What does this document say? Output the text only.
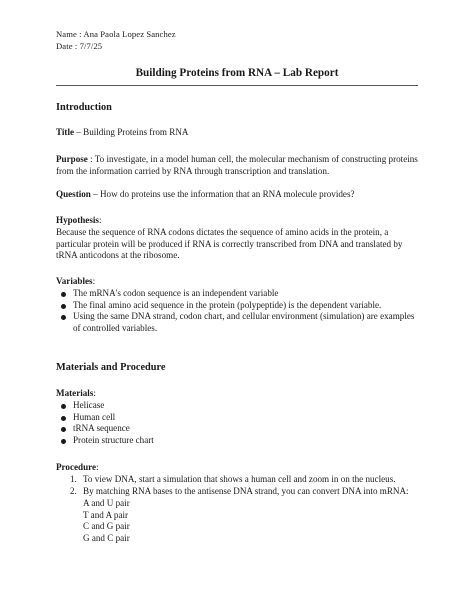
Name : Ana Paola Lopez Sanchez
Date : 7/7/25
Building Proteins from RNA – Lab Report
Introduction
Title – Building Proteins from RNA
Purpose : To investigate, in a model human cell, the molecular mechanism of constructing proteins from the information carried by RNA through transcription and translation.
Question – How do proteins use the information that an RNA molecule provides?
Hypothesis:
Because the sequence of RNA codons dictates the sequence of amino acids in the protein, a particular protein will be produced if RNA is correctly transcribed from DNA and translated by tRNA anticodons at the ribosome.
Variables:
The mRNA's codon sequence is an independent variable
The final amino acid sequence in the protein (polypeptide) is the dependent variable.
Using the same DNA strand, codon chart, and cellular environment (simulation) are examples of controlled variables.
Materials and Procedure
Materials:
Helicase
Human cell
tRNA sequence
Protein structure chart
Procedure:
1. To view DNA, start a simulation that shows a human cell and zoom in on the nucleus.
2. By matching RNA bases to the antisense DNA strand, you can convert DNA into mRNA:
A and U pair
T and A pair
C and G pair
G and C pair
